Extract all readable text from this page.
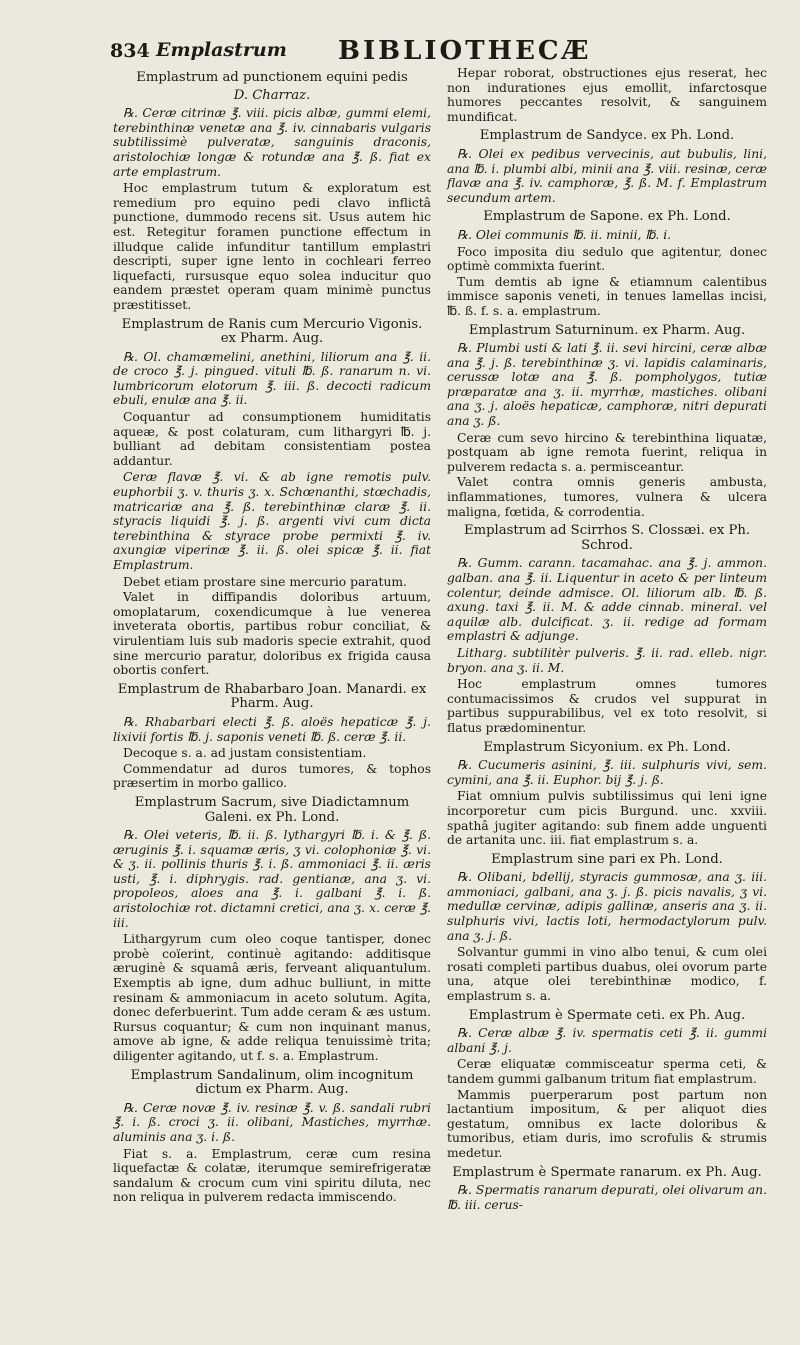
834 Emplastrum BIBLIOTHECÆ
Emplastrum ad punctionem equini pedis
D. Charraz.
℞. Ceræ citrinæ ℥. viii. picis albæ, gummi elemi, terebinthinæ venetæ ana ℥. iv. cinnabaris vulgaris subtilissimè pulveratæ, sanguinis draconis, aristolochiæ longæ & rotundæ ana ℥. ß. fiat ex arte emplastrum.
Hoc emplastrum tutum & exploratum est remedium pro equino pedi clavo inflictâ punctione, dummodo recens sit. Usus autem hic est. Retegitur foramen punctione effectum in illudque calide infunditur tantillum emplastri descripti, super igne lento in cochleari ferreo liquefacti, rursusque equo solea inducitur quo eandem præstet operam quam minimè punctus præstitisset.
Emplastrum de Ranis cum Mercurio Vigonis. ex Pharm. Aug.
℞. Ol. chamæmelini, anethini, liliorum ana ℥. ii. de croco ℥. j. pingued. vituli ℔. ß. ranarum n. vi. lumbricorum elotorum ℥. iii. ß. decocti radicum ebuli, enulæ ana ℥. ii.
Coquantur ad consumptionem humiditatis aqueæ, & post colaturam, cum lithargyri ℔. j. bulliant ad debitam consistentiam postea addantur.
Ceræ flavæ ℥. vi. & ab igne remotis pulv. euphorbii ʒ. v. thuris ʒ. x. Schœnanthi, stœchadis, matricariæ ana ℥. ß. terebinthinæ claræ ℥. ii. styracis liquidi ℥. j. ß. argenti vivi cum dicta terebinthina & styrace probe permixti ℥. iv. axungiæ viperinæ ℥. ii. ß. olei spicæ ℥. ii. fiat Emplastrum.
Debet etiam prostare sine mercurio paratum.
Valet in diffipandis doloribus artuum, omoplatarum, coxendicumque à lue venerea inveterata obortis, partibus robur conciliat, & virulentiam luis sub madoris specie extrahit, quod sine mercurio paratur, doloribus ex frigida causa obortis confert.
Emplastrum de Rhabarbaro Joan. Manardi. ex Pharm. Aug.
℞. Rhabarbari electi ℥. ß. aloës hepaticæ ℥. j. lixivii fortis ℔. j. saponis veneti ℔. ß. ceræ ℥. ii.
Decoque s. a. ad justam consistentiam.
Commendatur ad duros tumores, & tophos præsertim in morbo gallico.
Emplastrum Sacrum, sive Diadictamnum Galeni. ex Ph. Lond.
℞. Olei veteris, ℔. ii. ß. lythargyri ℔. i. & ℥. ß. æruginis ℥. i. squamæ æris, ʒ vi. colophoniæ ℥. vi. & ʒ. ii. pollinis thuris ℥. i. ß. ammoniaci ℥. ii. æris usti, ℥. i. diphrygis. rad. gentianæ, ana ʒ. vi. propoleos, aloes ana ℥. i. galbani ℥. i. ß. aristolochiæ rot. dictamni cretici, ana ʒ. x. ceræ ℥. iii.
Lithargyrum cum oleo coque tantisper, donec probè coïerint, continuè agitando: additisque æruginè & squamâ æris, ferveant aliquantulum. Exemptis ab igne, dum adhuc bulliunt, in mitte resinam & ammoniacum in aceto solutum. Agita, donec deferbuerint. Tum adde ceram & æs ustum. Rursus coquantur; & cum non inquinant manus, amove ab igne, & adde reliqua tenuissimè trita; diligenter agitando, ut f. s. a. Emplastrum.
Emplastrum Sandalinum, olim incognitum dictum ex Pharm. Aug.
℞. Ceræ novæ ℥. iv. resinæ ℥. v. ß. sandali rubri ℥. i. ß. croci ʒ. ii. olibani, Mastiches, myrrhæ. aluminis ana ʒ. i. ß.
Fiat s. a. Emplastrum, ceræ cum resina liquefactæ & colatæ, iterumque semirefrigeratæ sandalum & crocum cum vini spiritu diluta, nec non reliqua in pulverem redacta immiscendo.
Hepar roborat, obstructiones ejus reserat, hec non indurationes ejus emollit, infarctosque humores peccantes resolvit, & sanguinem mundificat.
Emplastrum de Sandyce. ex Ph. Lond.
℞. Olei ex pedibus vervecinis, aut bubulis, lini, ana ℔. i. plumbi albi, minii ana ℥. viii. resinæ, ceræ flavæ ana ℥. iv. camphoræ, ℥. ß. M. f. Emplastrum secundum artem.
Emplastrum de Sapone. ex Ph. Lond.
℞. Olei communis ℔. ii. minii, ℔. i.
Foco imposita diu sedulo que agitentur, donec optimè commixta fuerint.
Tum demtis ab igne & etiamnum calentibus immisce saponis veneti, in tenues lamellas incisi, ℔. ß. f. s. a. emplastrum.
Emplastrum Saturninum. ex Pharm. Aug.
℞. Plumbi usti & lati ℥. ii. sevi hircini, ceræ albæ ana ℥. j. ß. terebinthinæ ʒ. vi. lapidis calaminaris, cerussæ lotæ ana ℥. ß. pompholygos, tutiæ præparatæ ana ʒ. ii. myrrhæ, mastiches. olibani ana ʒ. j. aloës hepaticæ, camphoræ, nitri depurati ana ʒ. ß.
Ceræ cum sevo hircino & terebinthina liquatæ, postquam ab igne remota fuerint, reliqua in pulverem redacta s. a. permisceantur.
Valet contra omnis generis ambusta, inflammationes, tumores, vulnera & ulcera maligna, fœtida, & corrodentia.
Emplastrum ad Scirrhos S. Clossæi. ex Ph. Schrod.
℞. Gumm. carann. tacamahac. ana ℥. j. ammon. galban. ana ℥. ii. Liquentur in aceto & per linteum colentur, deinde admisce. Ol. liliorum alb. ℔. ß. axung. taxi ℥. ii. M. & adde cinnab. mineral. vel aquilæ alb. dulcificat. ʒ. ii. redige ad formam emplastri & adjunge.
Litharg. subtilitèr pulveris. ℥. ii. rad. elleb. nigr. bryon. ana ʒ. ii. M.
Hoc emplastrum omnes tumores contumacissimos & crudos vel suppurat in partibus suppurabilibus, vel ex toto resolvit, si flatus prædominentur.
Emplastrum Sicyonium. ex Ph. Lond.
℞. Cucumeris asinini, ℥. iii. sulphuris vivi, sem. cymini, ana ℥. ii. Euphor. bij ℥. j. ß.
Fiat omnium pulvis subtilissimus qui leni igne incorporetur cum picis Burgund. unc. xxviii. spathâ jugiter agitando: sub finem adde unguenti de artanita unc. iii. fiat emplastrum s. a.
Emplastrum sine pari ex Ph. Lond.
℞. Olibani, bdellij, styracis gummosæ, ana ʒ. iii. ammoniaci, galbani, ana ʒ. j. ß. picis navalis, ʒ vi. medullæ cervinæ, adipis gallinæ, anseris ana ʒ. ii. sulphuris vivi, lactis loti, hermodactylorum pulv. ana ʒ. j. ß.
Solvantur gummi in vino albo tenui, & cum olei rosati completi partibus duabus, olei ovorum parte una, atque olei terebinthinæ modico, f. emplastrum s. a.
Emplastrum è Spermate ceti. ex Ph. Aug.
℞. Ceræ albæ ℥. iv. spermatis ceti ℥. ii. gummi albani ℥. j.
Ceræ eliquatæ commisceatur sperma ceti, & tandem gummi galbanum tritum fiat emplastrum.
Mammis puerperarum post partum non lactantium impositum, & per aliquot dies gestatum, omnibus ex lacte doloribus & tumoribus, etiam duris, imo scrofulis & strumis medetur.
Emplastrum è Spermate ranarum. ex Ph. Aug.
℞. Spermatis ranarum depurati, olei olivarum an. ℔. iii. cerus-
